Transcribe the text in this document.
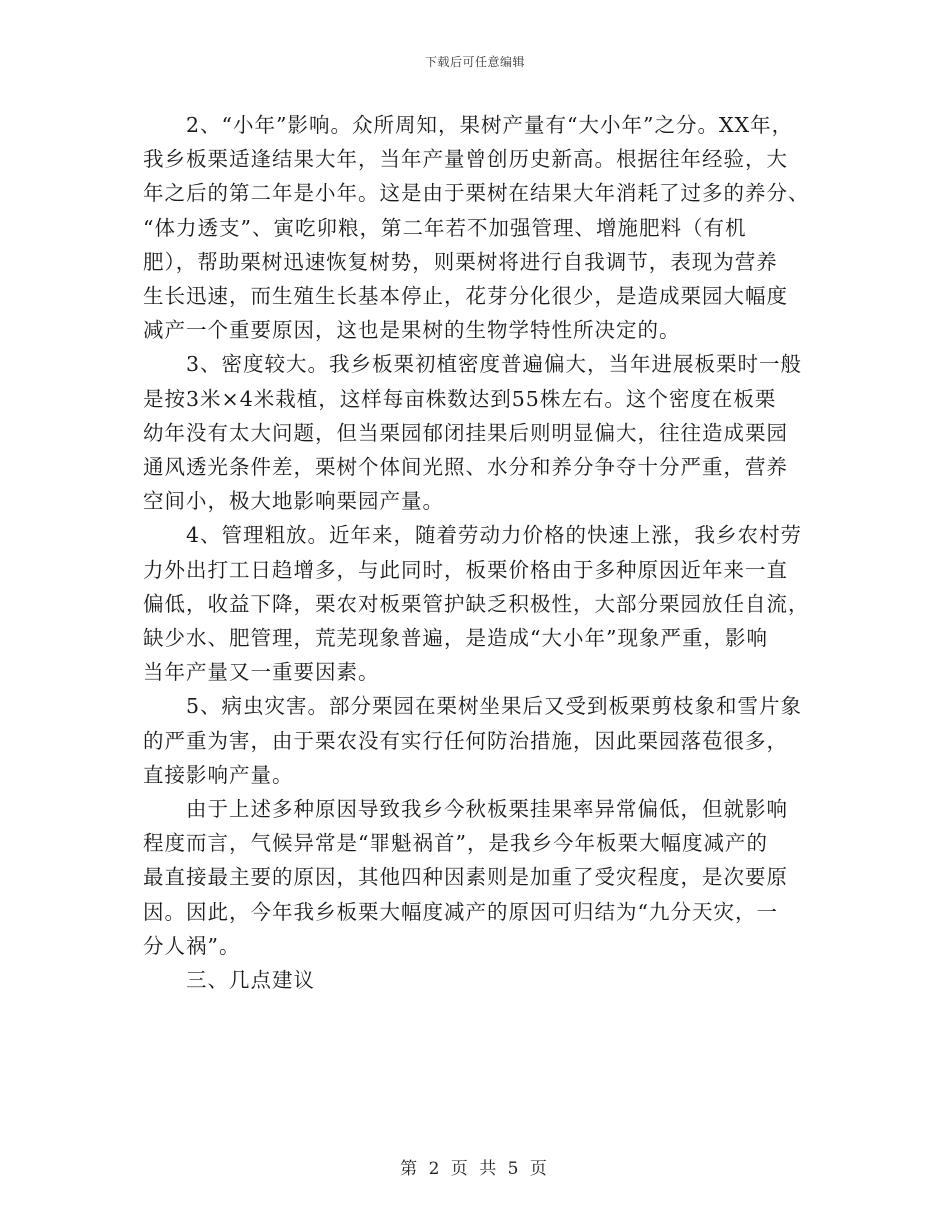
下载后可任意编辑
2、“小年”影响。众所周知，果树产量有“大小年”之分。XX年，
我乡板栗适逢结果大年，当年产量曾创历史新高。根据往年经验，大
年之后的第二年是小年。这是由于栗树在结果大年消耗了过多的养分、
“体力透支”、寅吃卯粮，第二年若不加强管理、增施肥料（有机
肥），帮助栗树迅速恢复树势，则栗树将进行自我调节，表现为营养
生长迅速，而生殖生长基本停止，花芽分化很少，是造成栗园大幅度
减产一个重要原因，这也是果树的生物学特性所决定的。
3、密度较大。我乡板栗初植密度普遍偏大，当年进展板栗时一般
是按3米×4米栽植，这样每亩株数达到55株左右。这个密度在板栗
幼年没有太大问题，但当栗园郁闭挂果后则明显偏大，往往造成栗园
通风透光条件差，栗树个体间光照、水分和养分争夺十分严重，营养
空间小，极大地影响栗园产量。
4、管理粗放。近年来，随着劳动力价格的快速上涨，我乡农村劳
力外出打工日趋增多，与此同时，板栗价格由于多种原因近年来一直
偏低，收益下降，栗农对板栗管护缺乏积极性，大部分栗园放任自流，
缺少水、肥管理，荒芜现象普遍，是造成“大小年”现象严重，影响
当年产量又一重要因素。
5、病虫灾害。部分栗园在栗树坐果后又受到板栗剪枝象和雪片象
的严重为害，由于栗农没有实行任何防治措施，因此栗园落苞很多，
直接影响产量。
由于上述多种原因导致我乡今秋板栗挂果率异常偏低，但就影响
程度而言，气候异常是“罪魁祸首”，是我乡今年板栗大幅度减产的
最直接最主要的原因，其他四种因素则是加重了受灾程度，是次要原
因。因此，今年我乡板栗大幅度减产的原因可归结为“九分天灾，一
分人祸”。
三、几点建议
第 2 页 共 5 页
